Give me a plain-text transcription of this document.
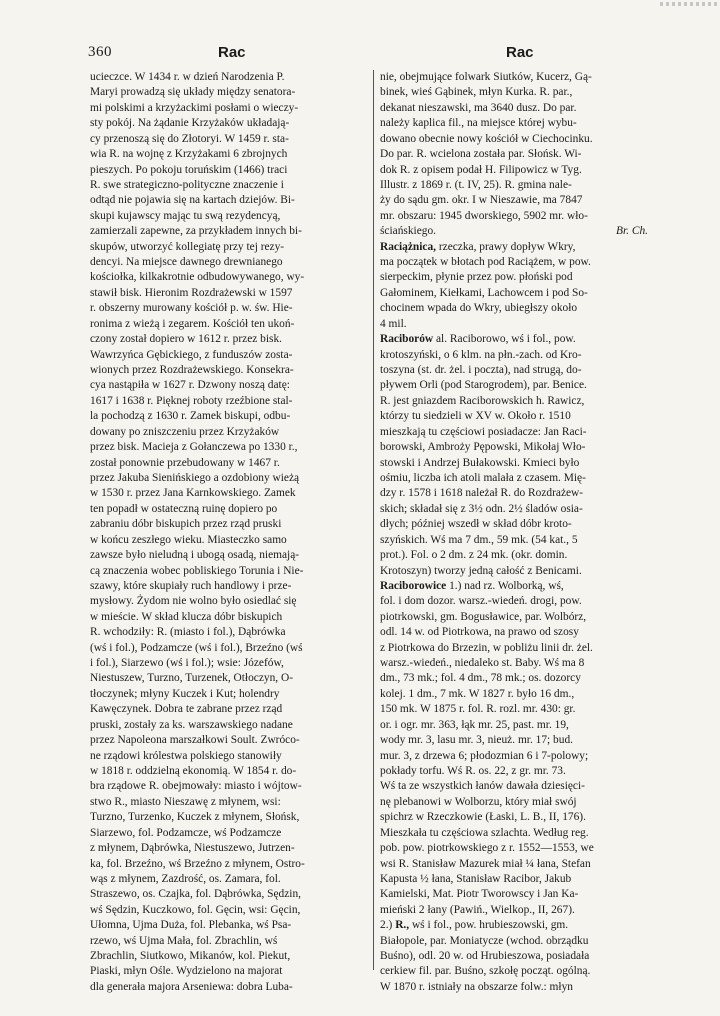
360	Rac	Rac
ucieczce. W 1434 r. w dzień Narodzenia P.
Maryi prowadzą się układy między senatora-
mi polskimi a krzyżackimi posłami o wieczy-
sty pokój. Na żądanie Krzyżaków układają-
cy przenoszą się do Złotoryi. W 1459 r. sta-
wia R. na wojnę z Krzyżakami 6 zbrojnych
pieszych. Po pokoju toruńskim (1466) traci
R. swe strategiczno-polityczne znaczenie i
odtąd nie pojawia się na kartach dziejów. Bi-
skupi kujawscy mając tu swą rezydencyą,
zamierzali zapewne, za przykładem innych bi-
skupów, utworzyć kollegiatę przy tej rezy-
dencyi. Na miejsce dawnego drewnianego
kościołka, kilkakrotnie odbudowywanego, wy-
stawił bisk. Hieronim Rozdrażewski w 1597
r. obszerny murowany kościół p. w. św. Hie-
ronima z wieżą i zegarem. Kościół ten ukoń-
czony został dopiero w 1612 r. przez bisk.
Wawrzyńca Gębickiego, z funduszów zosta-
wionych przez Rozdrażewskiego. Konsekra-
cya nastąpiła w 1627 r. Dzwony noszą datę:
1617 i 1638 r. Pięknej roboty rzeźbione stal-
la pochodzą z 1630 r. Zamek biskupi, odbu-
dowany po zniszczeniu przez Krzyżaków
przez bisk. Macieja z Gołanczewa po 1330 r.,
został ponownie przebudowany w 1467 r.
przez Jakuba Sienińskiego a ozdobiony wieżą
w 1530 r. przez Jana Karnkowskiego. Zamek
ten popadł w ostateczną ruinę dopiero po
zabraniu dóbr biskupich przez rząd pruski
w końcu zeszłego wieku. Miasteczko samo
zawsze było nieludną i ubogą osadą, niemają-
cą znaczenia wobec pobliskiego Torunia i Nie-
szawy, które skupiały ruch handlowy i prze-
mysłowy. Żydom nie wolno było osiedlać się
w mieście. W skład klucza dóbr biskupich
R. wchodziły: R. (miasto i fol.), Dąbrówka
(wś i fol.), Podzamcze (wś i fol.), Brzeźno (wś
i fol.), Siarzewo (wś i fol.); wsie: Józefów,
Niestuszew, Turzno, Turzenek, Otłoczyn, O-
tłoczynek; młyny Kuczek i Kut; holendry
Kawęczynek. Dobra te zabrane przez rząd
pruski, zostały za ks. warszawskiego nadane
przez Napoleona marszałkowi Soult. Zwróco-
ne rządowi królestwa polskiego stanowiły
w 1818 r. oddzielną ekonomią. W 1854 r. do-
bra rządowe R. obejmowały: miasto i wójtow-
stwo R., miasto Nieszawę z młynem, wsi:
Turzno, Turzenko, Kuczek z młynem, Słońsk,
Siarzewo, fol. Podzamcze, wś Podzamcze
z młynem, Dąbrówka, Niestuszewo, Jutrzen-
ka, fol. Brzeźno, wś Brzeźno z młynem, Ostro-
wąs z młynem, Zazdrość, os. Zamara, fol.
Straszewo, os. Czajka, fol. Dąbrówka, Sędzin,
wś Sędzin, Kuczkowo, fol. Gęcin, wsi: Gęcin,
Ułomna, Ujma Duża, fol. Plebanka, wś Psa-
rzewo, wś Ujma Mała, fol. Zbrachlin, wś
Zbrachlin, Siutkowo, Mikanów, kol. Piekut,
Piaski, młyn Ośle. Wydzielono na majorat
dla generała majora Arseniewa: dobra Luba-
nie, obejmujące folwark Siutków, Kucerz, Gą-
binek, wieś Gąbinek, młyn Kurka. R. par.,
dekanat nieszawski, ma 3640 dusz. Do par.
należy kaplica fil., na miejsce której wybu-
dowano obecnie nowy kościół w Ciechocinku.
Do par. R. wcielona została par. Słońsk. Wi-
dok R. z opisem podał H. Filipowicz w Tyg.
Illustr. z 1869 r. (t. IV, 25). R. gmina nale-
ży do sądu gm. okr. I w Nieszawie, ma 7847
mr. obszaru: 1945 dworskiego, 5902 mr. wło-
ściańskiego.	Br. Ch.
Raciążnica, rzeczka, prawy dopływ Wkry,
ma początek w błotach pod Raciążem, w pow.
sierpeckim, płynie przez pow. płoński pod
Gałominem, Kiełkami, Lachowcem i pod So-
chocinem wpada do Wkry, ubiegłszy około
4 mil.
Raciborów al. Raciborowo, wś i fol., pow.
krotoszyński, o 6 klm. na płn.-zach. od Kro-
toszyna (st. dr. żel. i poczta), nad strugą, do-
pływem Orli (pod Starogrodem), par. Benice.
R. jest gniazdem Raciborowskich h. Rawicz,
którzy tu siedzieli w XV w. Około r. 1510
mieszkają tu częściowi posiadacze: Jan Raci-
borowski, Ambroży Pępowski, Mikołaj Wło-
stowski i Andrzej Bułakowski. Kmieci było
ośmiu, liczba ich atoli malała z czasem. Mię-
dzy r. 1578 i 1618 należał R. do Rozdrażew-
skich; składał się z 3½ odn. 2½ śladów osia-
dłych; później wszedł w skład dóbr kroto-
szyńskich. Wś ma 7 dm., 59 mk. (54 kat., 5
prot.). Fol. o 2 dm. z 24 mk. (okr. domin.
Krotoszyn) tworzy jedną całość z Benicami.
Raciborowice 1.) nad rz. Wolborką, wś,
fol. i dom dozor. warsz.-wiedeń. drogi, pow.
piotrkowski, gm. Bogusławice, par. Wolbórz,
odl. 14 w. od Piotrkowa, na prawo od szosy
z Piotrkowa do Brzezin, w pobliżu linii dr. żel.
warsz.-wiedeń., niedaleko st. Baby. Wś ma 8
dm., 73 mk.; fol. 4 dm., 78 mk.; os. dozorcy
kolej. 1 dm., 7 mk. W 1827 r. było 16 dm.,
150 mk. W 1875 r. fol. R. rozl. mr. 430: gr.
or. i ogr. mr. 363, łąk mr. 25, past. mr. 19,
wody mr. 3, lasu mr. 3, nieuż. mr. 17; bud.
mur. 3, z drzewa 6; płodozmian 6 i 7-polowy;
pokłady torfu. Wś R. os. 22, z gr. mr. 73.
Wś ta ze wszystkich łanów dawała dziesięci-
nę plebanowi w Wolborzu, który miał swój
spichrz w Rzeczkowie (Łaski, L. B., II, 176).
Mieszkała tu częściowa szlachta. Według reg.
pob. pow. piotrkowskiego z r. 1552—1553, we
wsi R. Stanisław Mazurek miał ¼ łana, Stefan
Kapusta ½ łana, Stanisław Racibor, Jakub
Kamielski, Mat. Piotr Tworowscy i Jan Ka-
mieński 2 łany (Pawiń., Wielkop., II, 267).
2.) R., wś i fol., pow. hrubieszowski, gm.
Białopole, par. Moniatycze (wchod. obrządku
Buśno), odl. 20 w. od Hrubieszowa, posiadała
cerkiew fil. par. Buśno, szkołę począt. ogólną.
W 1870 r. istniały na obszarze folw.: młyn
